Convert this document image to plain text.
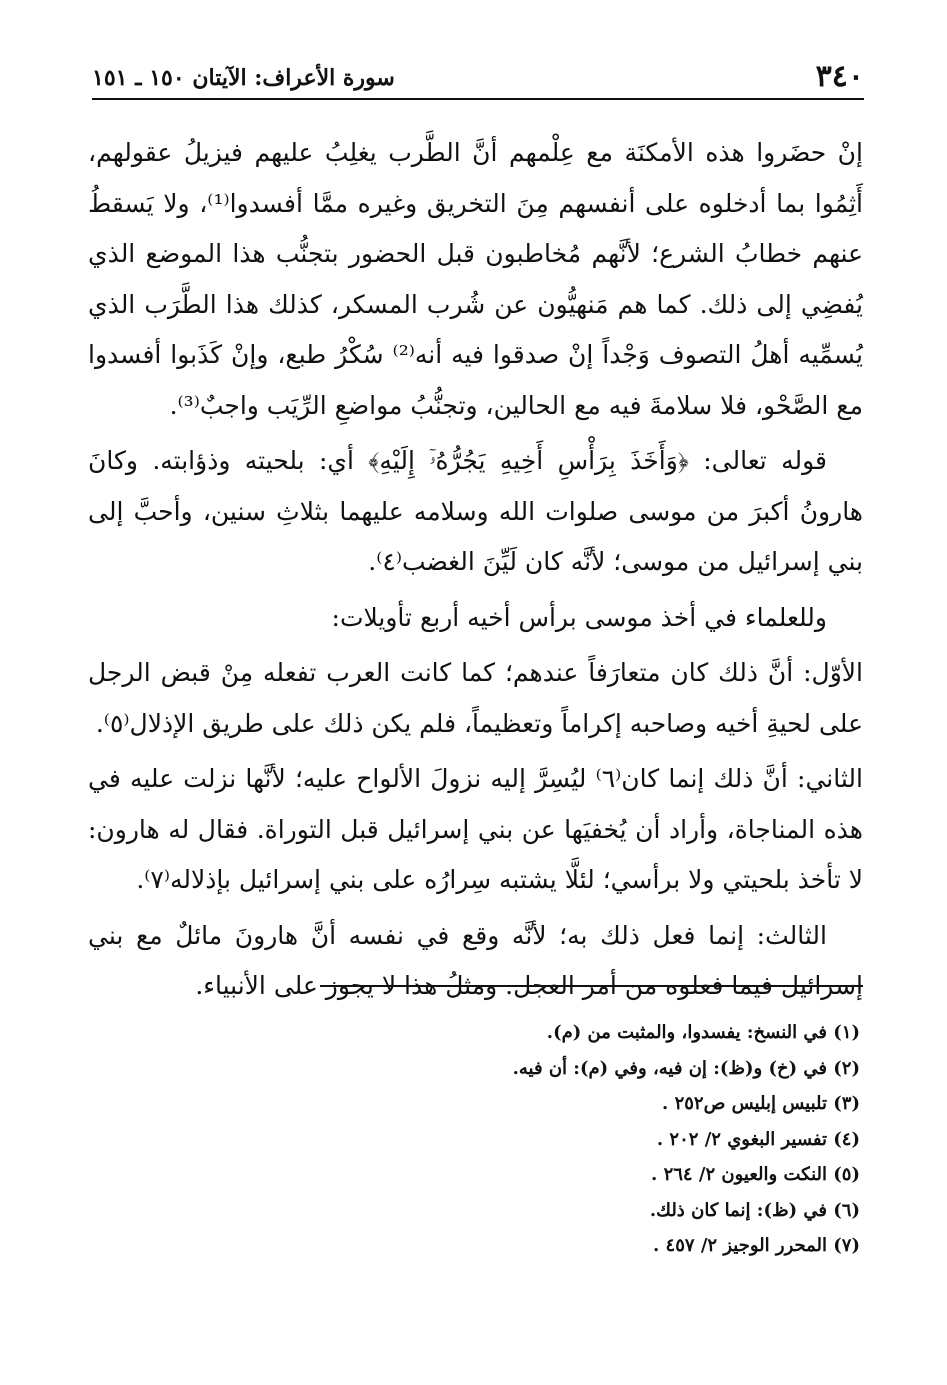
٣٤٠
سورة الأعراف: الآيتان ١٥٠ ـ ١٥١

إنْ حضَروا هذه الأمكنَة مع عِلْمهم أنَّ الطَّرب يغلِبُ عليهم فيزيلُ عقولهم، أَثِمُوا بما أدخلوه على أنفسهم مِنَ التخريق وغيره ممَّا أفسدوا⁽¹⁾، ولا يَسقطُ عنهم خطابُ الشرع؛ لأنَّهم مُخاطبون قبل الحضور بتجنُّب هذا الموضع الذي يُفضِي إلى ذلك. كما هم مَنهيُّون عن شُرب المسكر، كذلك هذا الطَّرَب الذي يُسمِّيه أهلُ التصوف وَجْداً إنْ صدقوا فيه أنه⁽²⁾ سُكْرُ طبع، وإنْ كَذَبوا أفسدوا مع الصَّحْو، فلا سلامةَ فيه مع الحالين، وتجنُّبُ مواضعِ الرِّيَب واجبٌ⁽³⁾.

قوله تعالى: ﴿وَأَخَذَ بِرَأْسِ أَخِيهِ يَجُرُّهُۥٓ إِلَيْهِ﴾ أي: بلحيته وذؤابته. وكانَ هارونُ أكبرَ من موسى صلوات الله وسلامه عليهما بثلاثِ سنين، وأحبَّ إلى بني إسرائيل من موسى؛ لأنَّه كان لَيِّنَ الغضب⁽٤⁾.

وللعلماء في أخذ موسى برأس أخيه أربع تأويلات:

الأوّل: أنَّ ذلك كان متعارَفاً عندهم؛ كما كانت العرب تفعله مِنْ قبض الرجل على لحيةِ أخيه وصاحبه إكراماً وتعظيماً، فلم يكن ذلك على طريق الإذلال⁽٥⁾.

الثاني: أنَّ ذلك إنما كان⁽٦⁾ ليُسِرَّ إليه نزولَ الألواح عليه؛ لأنَّها نزلت عليه في هذه المناجاة، وأراد أن يُخفيَها عن بني إسرائيل قبل التوراة. فقال له هارون: لا تأخذ بلحيتي ولا برأسي؛ لئلَّا يشتبه سِرارُه على بني إسرائيل بإذلاله⁽٧⁾.

الثالث: إنما فعل ذلك به؛ لأنَّه وقع في نفسه أنَّ هارونَ مائلٌ مع بني إسرائيل فيما فعلوه من أمر العجل. ومثلُ هذا لا يجوز على الأنبياء.

(١) في النسخ: يفسدوا، والمثبت من (م).
(٢) في (خ) و(ظ): إن فيه، وفي (م): أن فيه.
(٣) تلبيس إبليس ص٢٥٢ .
(٤) تفسير البغوي ٢/ ٢٠٢ .
(٥) النكت والعيون ٢/ ٢٦٤ .
(٦) في (ظ): إنما كان ذلك.
(٧) المحرر الوجيز ٢/ ٤٥٧ .
